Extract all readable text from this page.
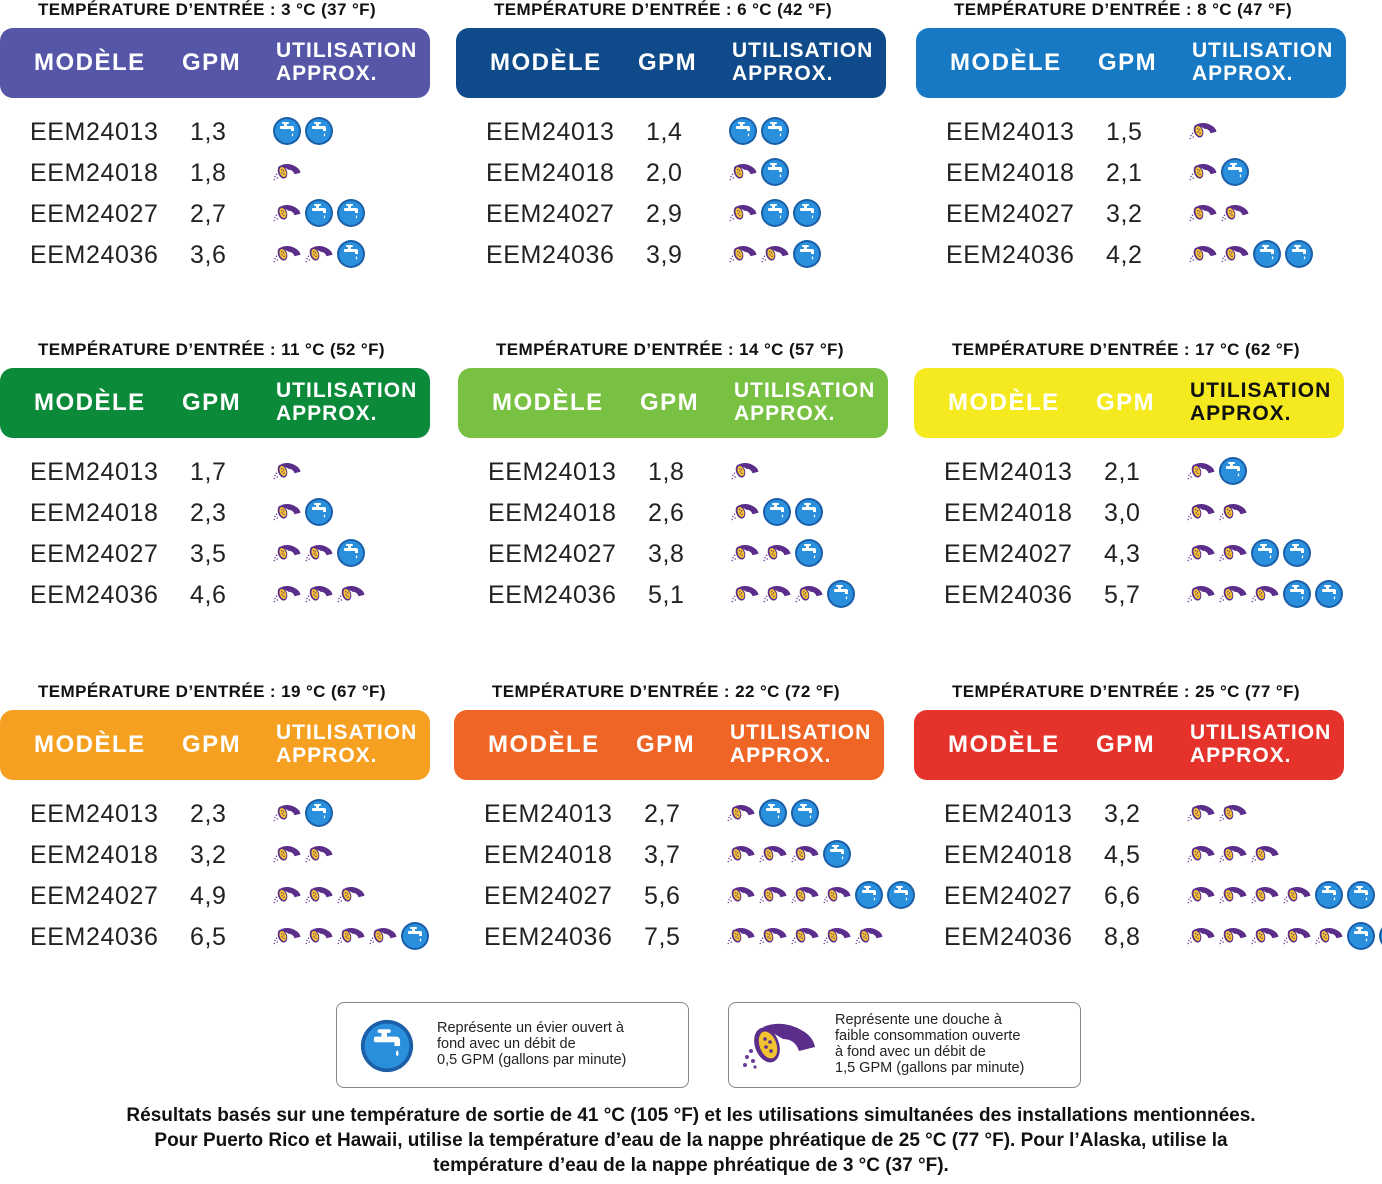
TEMPÉRATURE D’ENTRÉE : 3 °C (37 °F)
MODÈLE GPM UTILISATION
APPROX.
EEM24013 1,3
EEM24018 1,8
EEM24027 2,7
EEM24036 3,6
TEMPÉRATURE D’ENTRÉE : 6 °C (42 °F)
MODÈLE GPM UTILISATION
APPROX.
EEM24013 1,4
EEM24018 2,0
EEM24027 2,9
EEM24036 3,9
TEMPÉRATURE D’ENTRÉE : 8 °C (47 °F)
MODÈLE GPM UTILISATION
APPROX.
EEM24013 1,5
EEM24018 2,1
EEM24027 3,2
EEM24036 4,2
TEMPÉRATURE D’ENTRÉE : 11 °C (52 °F)
MODÈLE GPM UTILISATION
APPROX.
EEM24013 1,7
EEM24018 2,3
EEM24027 3,5
EEM24036 4,6
TEMPÉRATURE D’ENTRÉE : 14 °C (57 °F)
MODÈLE GPM UTILISATION
APPROX.
EEM24013 1,8
EEM24018 2,6
EEM24027 3,8
EEM24036 5,1
TEMPÉRATURE D’ENTRÉE : 17 °C (62 °F)
MODÈLE GPM UTILISATION
APPROX.
EEM24013 2,1
EEM24018 3,0
EEM24027 4,3
EEM24036 5,7
TEMPÉRATURE D’ENTRÉE : 19 °C (67 °F)
MODÈLE GPM UTILISATION
APPROX.
EEM24013 2,3
EEM24018 3,2
EEM24027 4,9
EEM24036 6,5
TEMPÉRATURE D’ENTRÉE : 22 °C (72 °F)
MODÈLE GPM UTILISATION
APPROX.
EEM24013 2,7
EEM24018 3,7
EEM24027 5,6
EEM24036 7,5
TEMPÉRATURE D’ENTRÉE : 25 °C (77 °F)
MODÈLE GPM UTILISATION
APPROX.
EEM24013 3,2
EEM24018 4,5
EEM24027 6,6
EEM24036 8,8
Représente un évier ouvert à
fond avec un débit de
0,5 GPM (gallons par minute)
Représente une douche à
faible consommation ouverte
à fond avec un débit de
1,5 GPM (gallons par minute)
Résultats basés sur une température de sortie de 41 °C (105 °F) et les utilisations simultanées des installations mentionnées.
Pour Puerto Rico et Hawaii, utilise la température d’eau de la nappe phréatique de 25 °C (77 °F). Pour l’Alaska, utilise la
température d’eau de la nappe phréatique de 3 °C (37 °F).
